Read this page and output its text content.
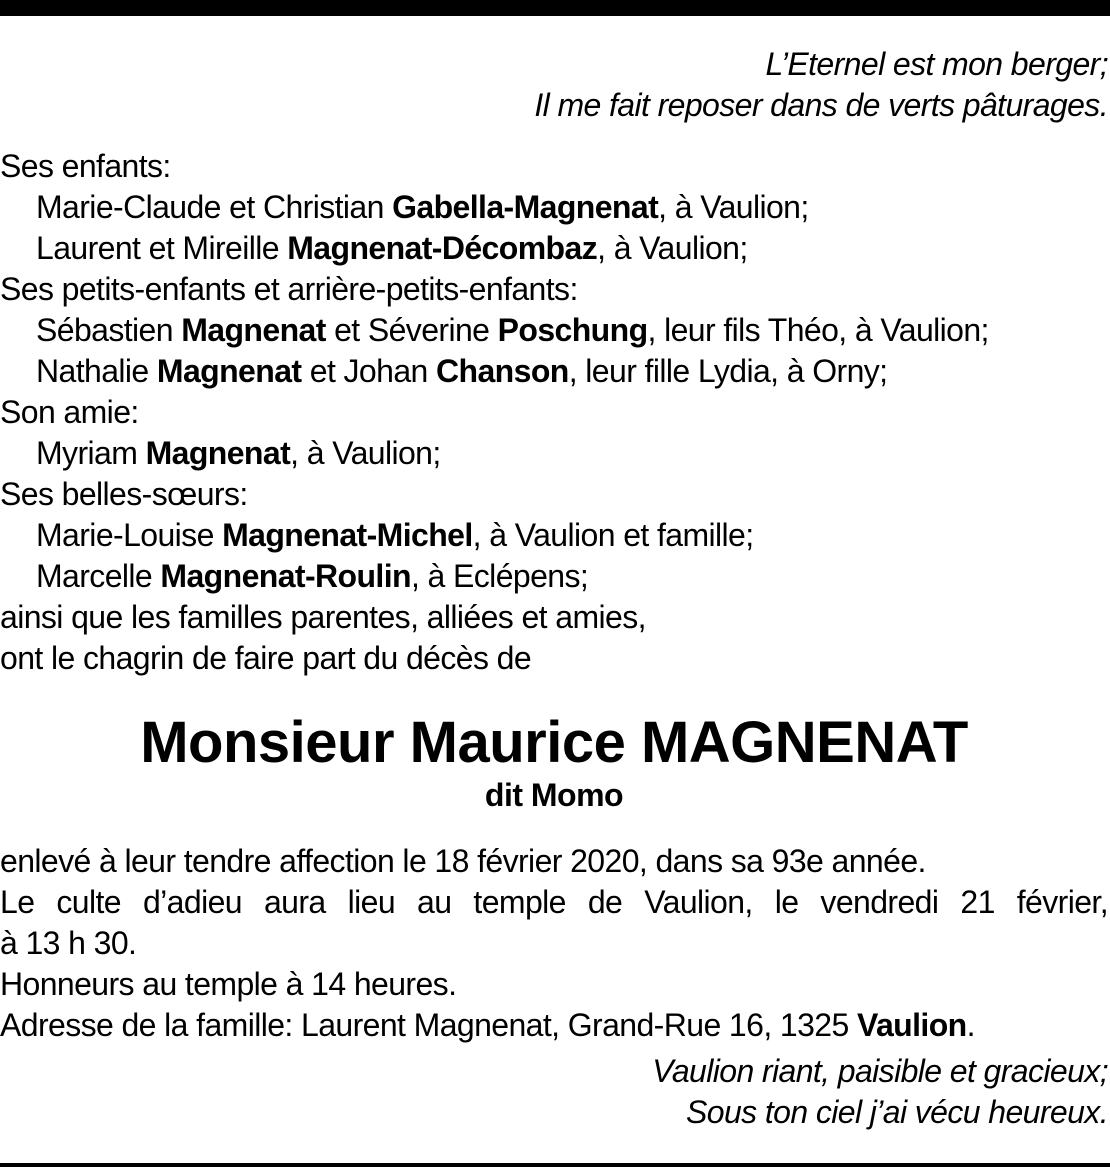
L’Eternel est mon berger;
Il me fait reposer dans de verts pâturages.
Ses enfants:
Marie-Claude et Christian Gabella-Magnenat, à Vaulion;
Laurent et Mireille Magnenat-Décombaz, à Vaulion;
Ses petits-enfants et arrière-petits-enfants:
Sébastien Magnenat et Séverine Poschung, leur fils Théo, à Vaulion;
Nathalie Magnenat et Johan Chanson, leur fille Lydia, à Orny;
Son amie:
Myriam Magnenat, à Vaulion;
Ses belles-sœurs:
Marie-Louise Magnenat-Michel, à Vaulion et famille;
Marcelle Magnenat-Roulin, à Eclépens;
ainsi que les familles parentes, alliées et amies,
ont le chagrin de faire part du décès de
Monsieur Maurice MAGNENAT
dit Momo
enlevé à leur tendre affection le 18 février 2020, dans sa 93e année.
Le culte d’adieu aura lieu au temple de Vaulion, le vendredi 21 février,
à 13 h 30.
Honneurs au temple à 14 heures.
Adresse de la famille: Laurent Magnenat, Grand-Rue 16, 1325 Vaulion.
Vaulion riant, paisible et gracieux;
Sous ton ciel j’ai vécu heureux.
